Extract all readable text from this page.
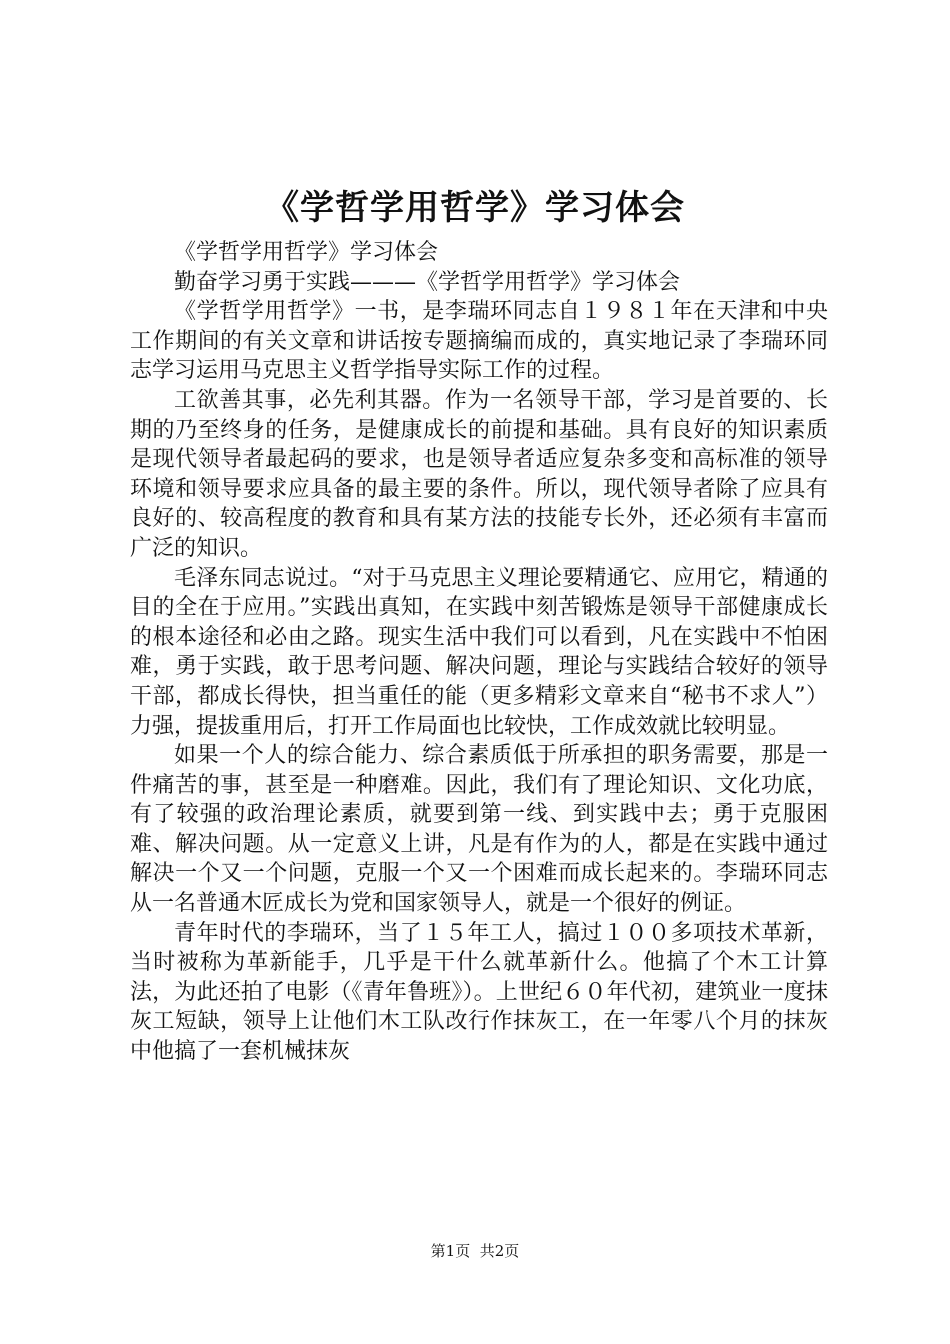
《学哲学用哲学》学习体会

《学哲学用哲学》学习体会

勤奋学习勇于实践———《学哲学用哲学》学习体会

《学哲学用哲学》一书，是李瑞环同志自１９８１年在天津和中央工作期间的有关文章和讲话按专题摘编而成的，真实地记录了李瑞环同志学习运用马克思主义哲学指导实际工作的过程。

工欲善其事，必先利其器。作为一名领导干部，学习是首要的、长期的乃至终身的任务，是健康成长的前提和基础。具有良好的知识素质是现代领导者最起码的要求，也是领导者适应复杂多变和高标准的领导环境和领导要求应具备的最主要的条件。所以，现代领导者除了应具有良好的、较高程度的教育和具有某方法的技能专长外，还必须有丰富而广泛的知识。

毛泽东同志说过。“对于马克思主义理论要精通它、应用它，精通的目的全在于应用。”实践出真知，在实践中刻苦锻炼是领导干部健康成长的根本途径和必由之路。现实生活中我们可以看到，凡在实践中不怕困难，勇于实践，敢于思考问题、解决问题，理论与实践结合较好的领导干部，都成长得快，担当重任的能（更多精彩文章来自“秘书不求人”）力强，提拔重用后，打开工作局面也比较快，工作成效就比较明显。

如果一个人的综合能力、综合素质低于所承担的职务需要，那是一件痛苦的事，甚至是一种磨难。因此，我们有了理论知识、文化功底，有了较强的政治理论素质，就要到第一线、到实践中去；勇于克服困难、解决问题。从一定意义上讲，凡是有作为的人，都是在实践中通过解决一个又一个问题，克服一个又一个困难而成长起来的。李瑞环同志从一名普通木匠成长为党和国家领导人，就是一个很好的例证。

青年时代的李瑞环，当了１５年工人，搞过１００多项技术革新，当时被称为革新能手，几乎是干什么就革新什么。他搞了个木工计算法，为此还拍了电影（《青年鲁班》）。上世纪６０年代初，建筑业一度抹灰工短缺，领导上让他们木工队改行作抹灰工，在一年零八个月的抹灰中他搞了一套机械抹灰

第1页 共2页
